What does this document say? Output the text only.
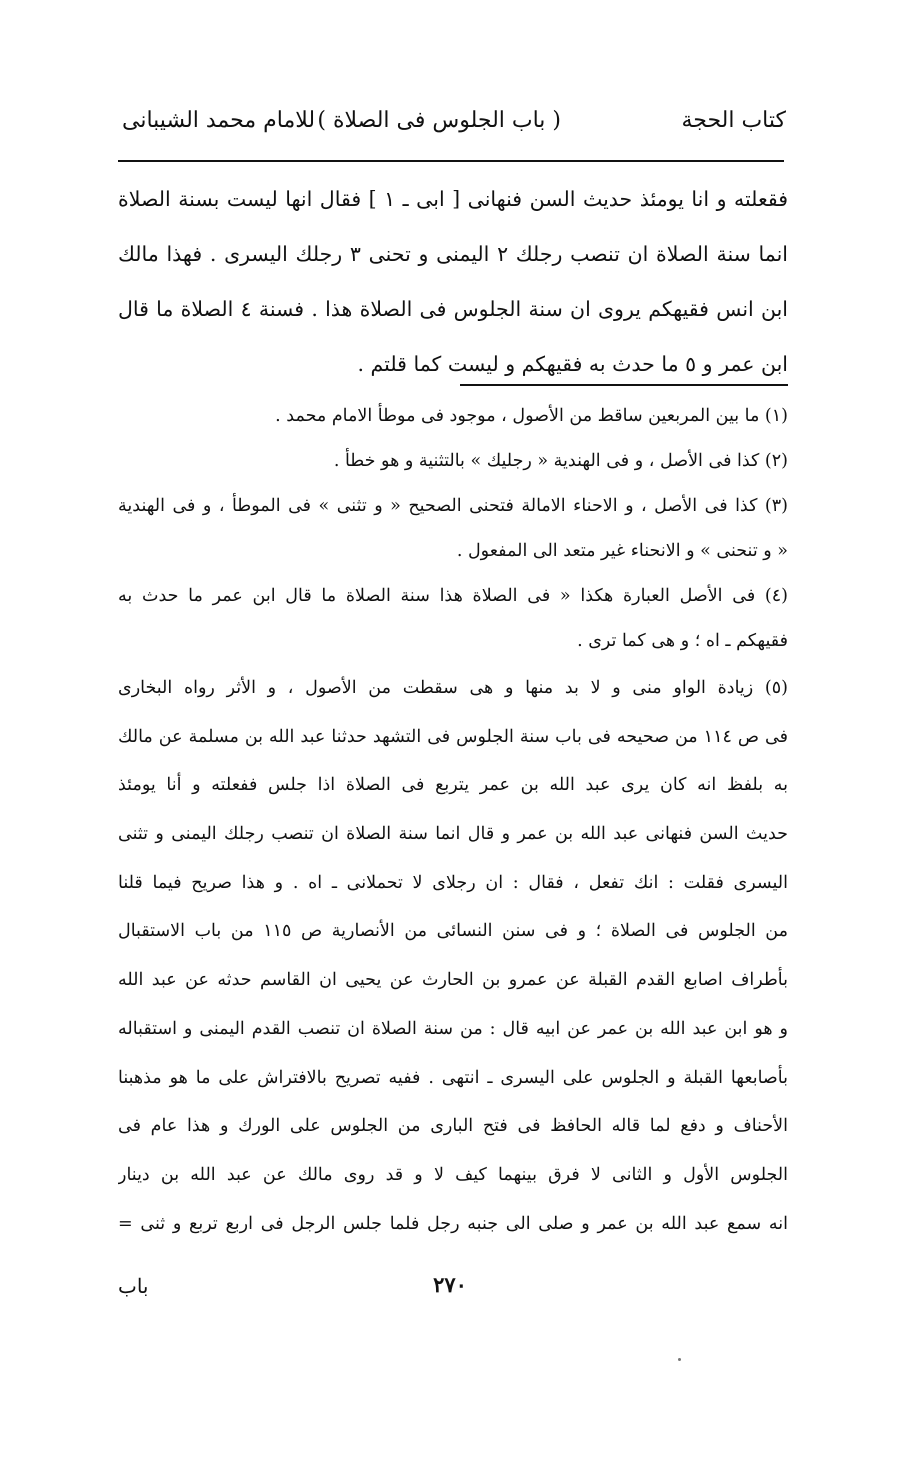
كتاب الحجة
( باب الجلوس فى الصلاة )
للامام محمد الشيبانى
فقعلته و انا يومئذ حديث السن فنهانى [ ابى ـ ١ ] فقال انها ليست بسنة الصلاة
انما سنة الصلاة ان تنصب رجلك ٢ اليمنى و تحنى ٣ رجلك اليسرى . فهذا مالك
ابن انس فقيهكم يروى ان سنة الجلوس فى الصلاة هذا . فسنة ٤ الصلاة ما قال
ابن عمر و ٥ ما حدث به فقيهكم و ليست كما قلتم .
(١) ما بين المربعين ساقط من الأصول ، موجود فى موطأ الامام محمد .
(٢) كذا فى الأصل ، و فى الهندية « رجليك » بالتثنية و هو خطأ .
(٣) كذا فى الأصل ، و الاحناء الامالة فتحنى الصحيح « و تثنى » فى الموطأ ، و فى الهندية
« و تنحنى » و الانحناء غير متعد الى المفعول .
(٤) فى الأصل العبارة هكذا « فى الصلاة هذا سنة الصلاة ما قال ابن عمر ما حدث به
فقيهكم ـ اه ؛ و هى كما ترى .
(٥) زيادة الواو منى و لا بد منها و هى سقطت من الأصول ، و الأثر رواه البخارى
فى ص ١١٤ من صحيحه فى باب سنة الجلوس فى التشهد حدثنا عبد الله بن مسلمة عن مالك
به بلفظ انه كان يرى عبد الله بن عمر يتربع فى الصلاة اذا جلس ففعلته و أنا يومئذ
حديث السن فنهانى عبد الله بن عمر و قال انما سنة الصلاة ان تنصب رجلك اليمنى و تثنى
اليسرى فقلت : انك تفعل ، فقال : ان رجلاى لا تحملانى ـ اه . و هذا صريح فيما قلنا
من الجلوس فى الصلاة ؛ و فى سنن النسائى من الأنصارية ص ١١٥ من باب الاستقبال
بأطراف اصابع القدم القبلة عن عمرو بن الحارث عن يحيى ان القاسم حدثه عن عبد الله
و هو ابن عبد الله بن عمر عن ابيه قال : من سنة الصلاة ان تنصب القدم اليمنى و استقباله
بأصابعها القبلة و الجلوس على اليسرى ـ انتهى . ففيه تصريح بالافتراش على ما هو مذهبنا
الأحناف و دفع لما قاله الحافظ فى فتح البارى من الجلوس على الورك و هذا عام فى
الجلوس الأول و الثانى لا فرق بينهما كيف لا و قد روى مالك عن عبد الله بن دينار
انه سمع عبد الله بن عمر و صلى الى جنبه رجل فلما جلس الرجل فى اربع تربع و ثنى =
٢٧٠
باب
